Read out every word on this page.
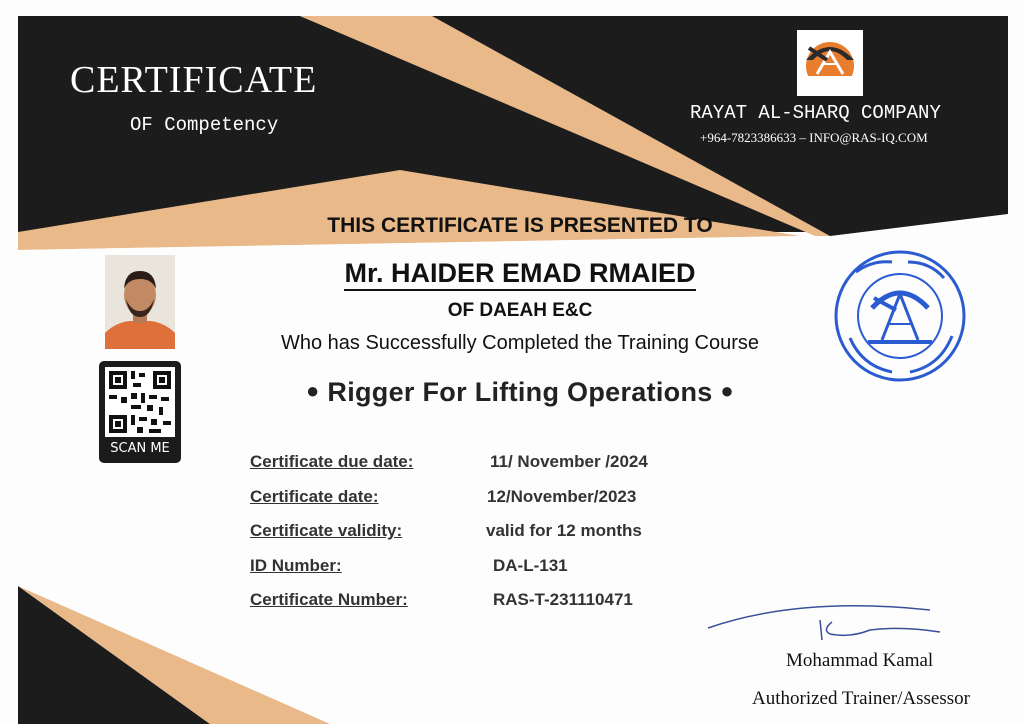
CERTIFICATE
OF Competency
RAYAT AL-SHARQ COMPANY
+964-7823386633 – INFO@RAS-IQ.COM
THIS CERTIFICATE IS PRESENTED TO
Mr. HAIDER EMAD RMAIED
OF DAEAH E&C
Who has Successfully Completed the Training Course
● Rigger For Lifting Operations ●
SCAN ME
Certificate due date:	11/ November /2024
Certificate date:	12/November/2023
Certificate validity:	valid for 12 months
ID Number:	DA-L-131
Certificate Number:	RAS-T-231110471
Mohammad Kamal
Authorized Trainer/Assessor
